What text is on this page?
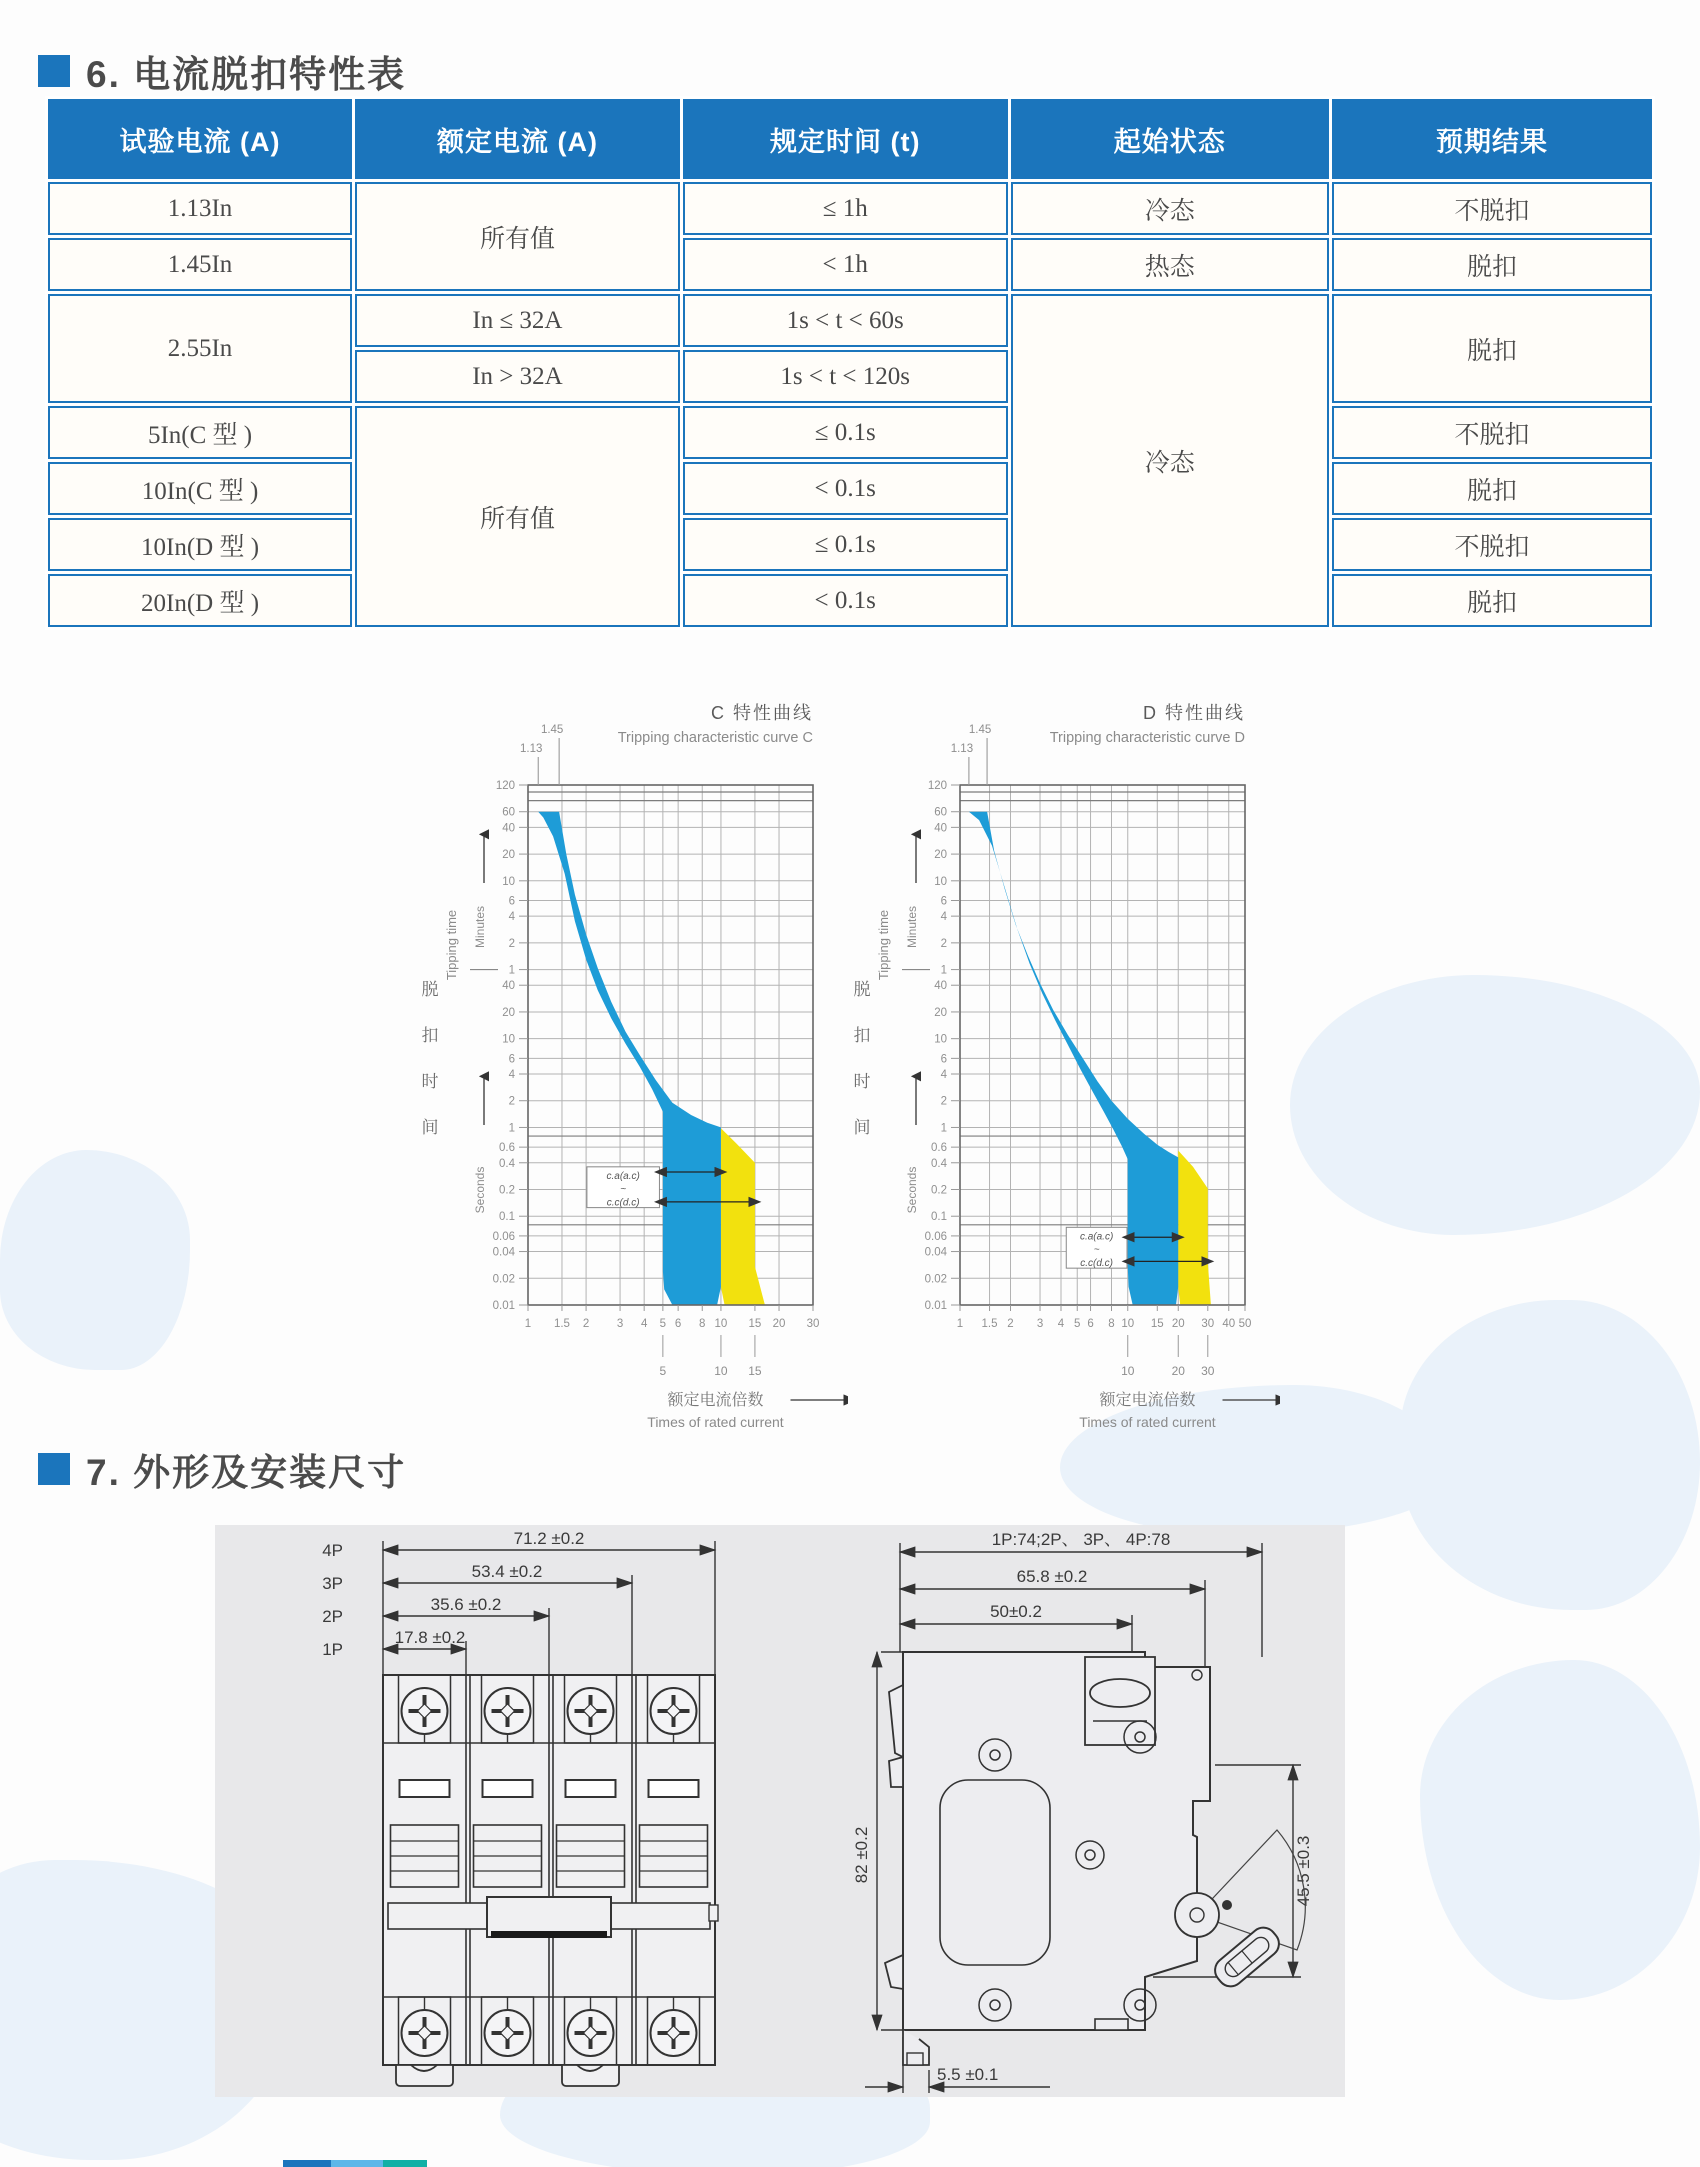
6. 电流脱扣特性表
试验电流 (A)	额定电流 (A)	规定时间 (t)	起始状态	预期结果
1.13In	所有值	≤ 1h	冷态	不脱扣
1.45In		< 1h	热态	脱扣
2.55In	In ≤ 32A	1s < t < 60s	冷态	脱扣
	In > 32A	1s < t < 120s		
5In(C 型 )	所有值	≤ 0.1s		不脱扣
10In(C 型 )		< 0.1s		脱扣
10In(D 型 )		≤ 0.1s		不脱扣
20In(D 型 )		< 0.1s		脱扣
C 特性曲线
Tripping characteristic curve C
1.45
1.13
120
60
40
20
10
6
4
2
1
40
20
10
6
4
2
1
0.6
0.4
0.2
0.1
0.06
0.04
0.02
0.01
1 1.5 2 3 4 5 6 8 10 15 20 30
5	10 15
额定电流倍数
Times of rated current
脱
扣
时
间
Tipping time Minutes
Seconds	c.a(a.c)
~
c.c(d.c)
D 特性曲线
Tripping characteristic curve D
1.45
1.13
120
60
40
20
10
6
4
2
1
40
20
10
6
4
2
1
0.6
0.4
0.2
0.1
0.06
0.04
0.02
0.01
1 1.5 2 3 4 5 6 8 10 15 20 30 40 50
10	20 30
额定电流倍数
Times of rated current
脱
扣
时
间
Tipping time Minutes
Seconds
c.a(a.c)
~
c.c(d.c)
7. 外形及安装尺寸
4P
3P
2P
1P
71.2 ±0.2
53.4 ±0.2
35.6 ±0.2
17.8 ±0.2
1P:74;2P、 3P、 4P:78
65.8 ±0.2
50±0.2
82 ±0.2	45.5 ±0.3
5.5 ±0.1
